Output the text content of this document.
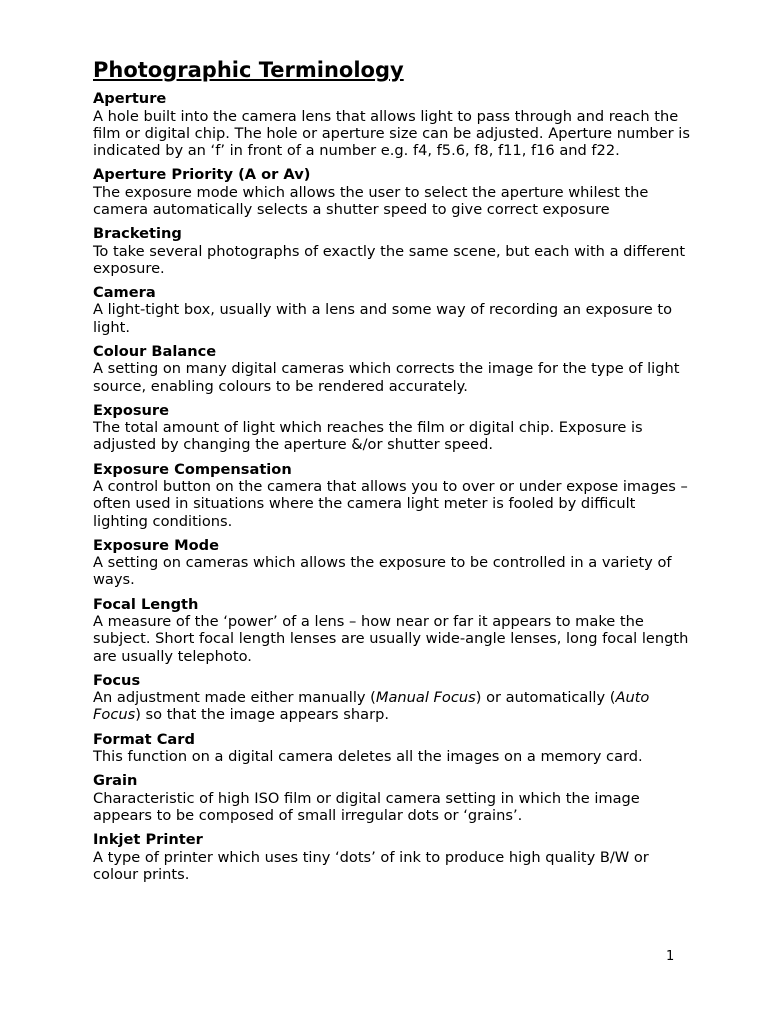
Photographic Terminology

Aperture

A hole built into the camera lens that allows light to pass through and reach the film or digital chip. The hole or aperture size can be adjusted. Aperture number is indicated by an ‘f’ in front of a number e.g. f4, f5.6, f8, f11, f16 and f22.

Aperture Priority (A or Av)

The exposure mode which allows the user to select the aperture whilest the camera automatically selects a shutter speed to give correct exposure

Bracketing

To take several photographs of exactly the same scene, but each with a different exposure.

Camera

A light-tight box, usually with a lens and some way of recording an exposure to light.

Colour Balance

A setting on many digital cameras which corrects the image for the type of light source, enabling colours to be rendered accurately.

Exposure

The total amount of light which reaches the film or digital chip. Exposure is adjusted by changing the aperture &/or shutter speed.

Exposure Compensation

A control button on the camera that allows you to over or under expose images – often used in situations where the camera light meter is fooled by difficult lighting conditions.

Exposure Mode

A setting on cameras which allows the exposure to be controlled in a variety of ways.

Focal Length

A measure of the ‘power’ of a lens – how near or far it appears to make the subject. Short focal length lenses are usually wide-angle lenses, long focal length are usually telephoto.

Focus

An adjustment made either manually (Manual Focus) or automatically (Auto Focus) so that the image appears sharp.

Format Card

This function on a digital camera deletes all the images on a memory card.

Grain

Characteristic of high ISO film or digital camera setting in which the image appears to be composed of small irregular dots or ‘grains’.

Inkjet Printer

A type of printer which uses tiny ‘dots’ of ink to produce high quality B/W or colour prints.

1
